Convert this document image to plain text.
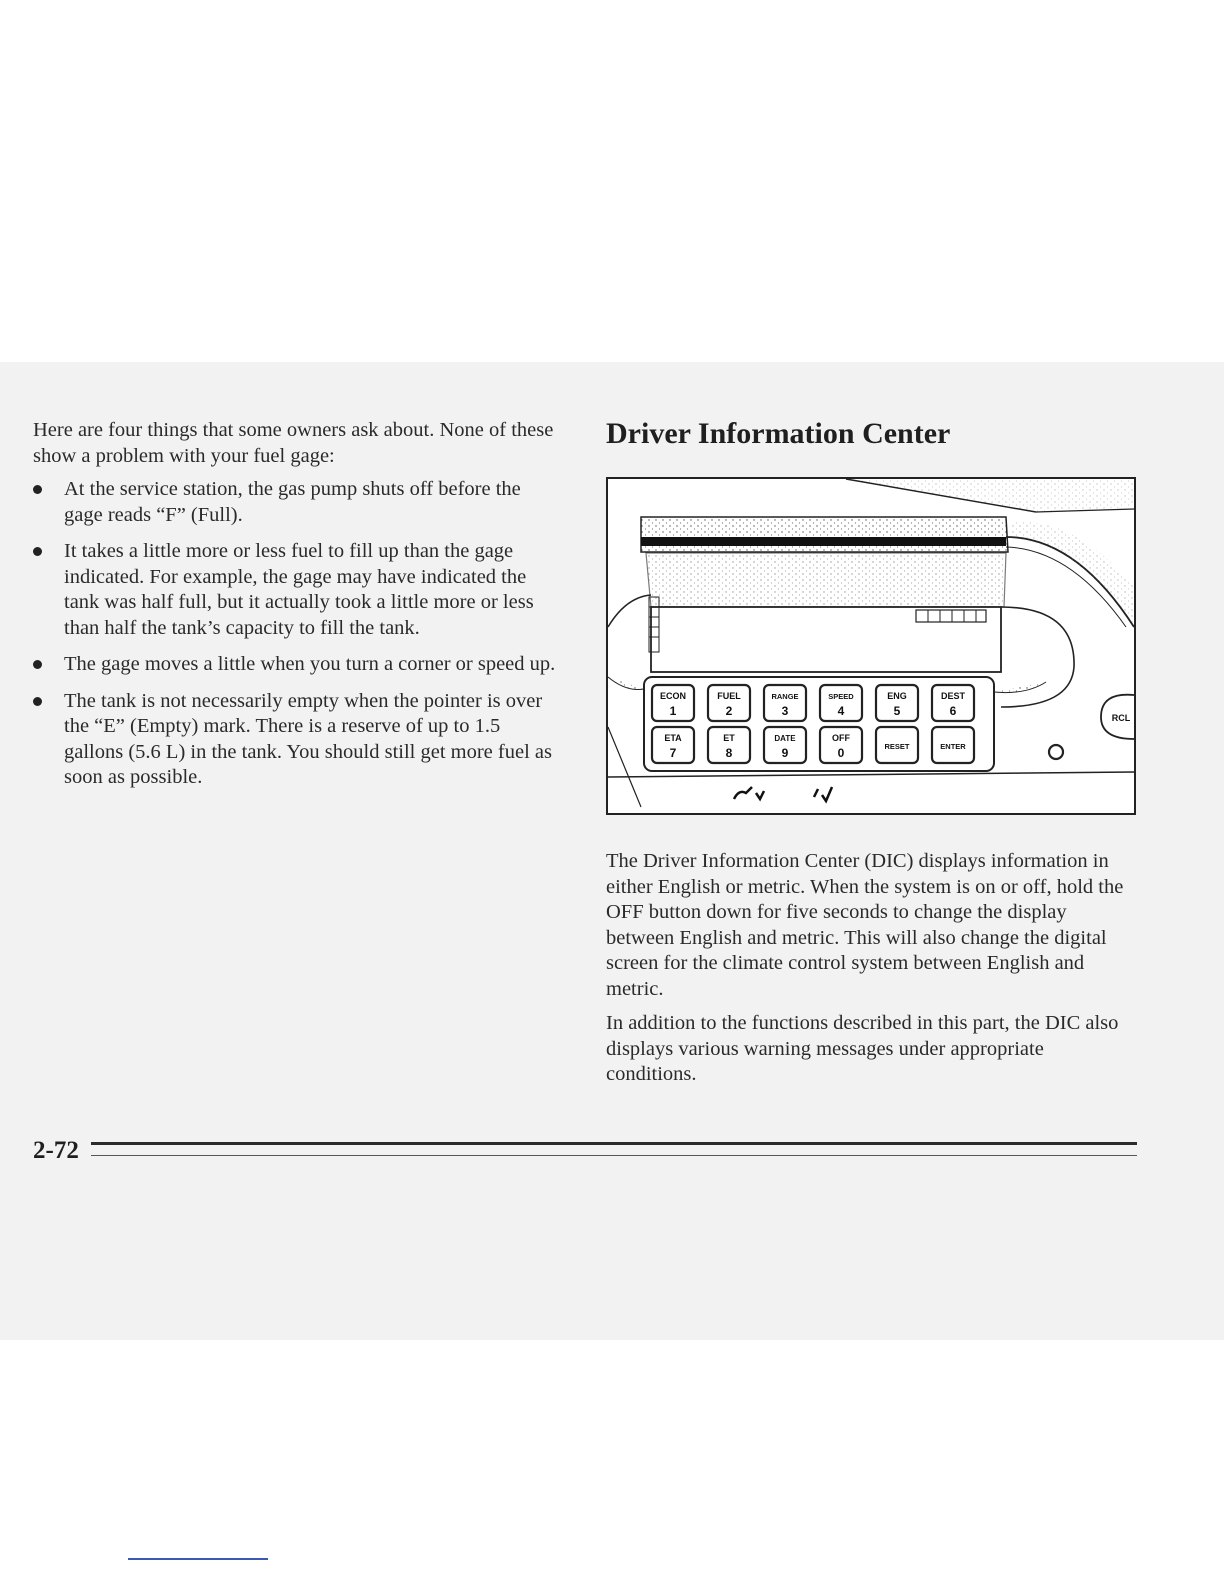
Here are four things that some owners ask about. None of these show a problem with your fuel gage:

At the service station, the gas pump shuts off before the gage reads “F” (Full).
It takes a little more or less fuel to fill up than the gage indicated. For example, the gage may have indicated the tank was half full, but it actually took a little more or less than half the tank’s capacity to fill the tank.
The gage moves a little when you turn a corner or speed up.
The tank is not necessarily empty when the pointer is over the “E” (Empty) mark. There is a reserve of up to 1.5 gallons (5.6 L) in the tank. You should still get more fuel as soon as possible.
Driver Information Center
ECON
1
FUEL
2
RANGE
3
SPEED
4
ENG
5
DEST
6
ETA
7
ET
8
DATE
9
OFF
0	RESET	ENTER
RCL

The Driver Information Center (DIC) displays information in either English or metric. When the system is on or off, hold the OFF button down for five seconds to change the display between English and metric. This will also change the digital screen for the climate control system between English and metric.

In addition to the functions described in this part, the DIC also displays various warning messages under appropriate conditions.

2-72
